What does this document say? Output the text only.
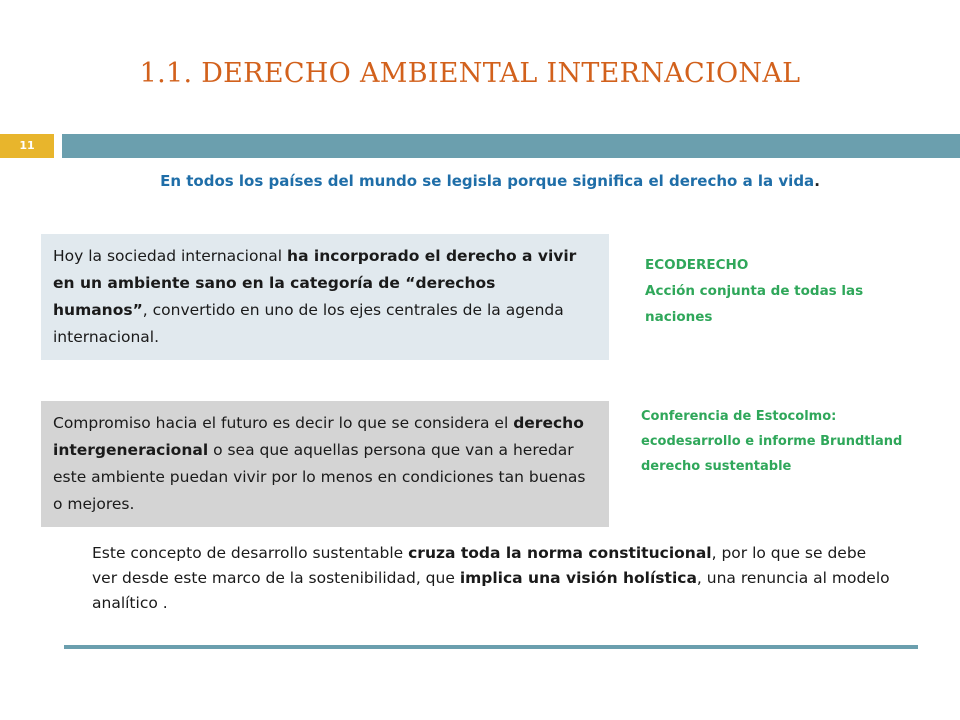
1.1. DERECHO AMBIENTAL INTERNACIONAL
11
En todos los países del mundo se legisla porque significa el derecho a la vida.
Hoy la sociedad internacional ha incorporado el derecho a vivir en un ambiente sano en la categoría de “derechos humanos”, convertido en uno de los ejes centrales de la agenda internacional.
ECODERECHO
Acción conjunta de todas las naciones
Compromiso hacia el futuro es decir lo que se considera el derecho intergeneracional o sea que aquellas persona que van a heredar este ambiente puedan vivir por lo menos en condiciones tan buenas o mejores.
Conferencia de Estocolmo: ecodesarrollo e informe Brundtland derecho sustentable
Este concepto de desarrollo sustentable cruza toda la norma constitucional, por lo que se debe ver desde este marco de la sostenibilidad, que implica una visión holística, una renuncia al modelo analítico .
